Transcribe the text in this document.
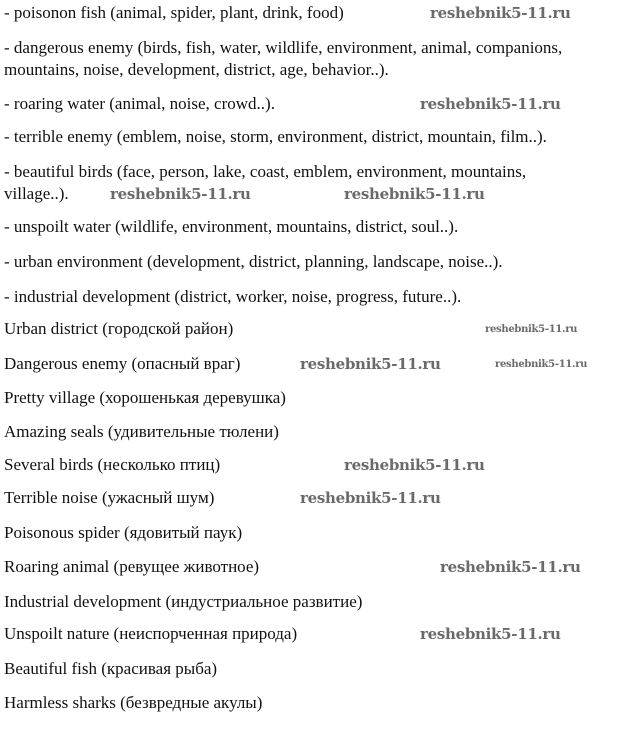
- poisonon fish (animal, spider, plant, drink, food)
- dangerous enemy (birds, fish, water, wildlife, environment, animal, companions,
mountains, noise, development, district, age, behavior..).
- roaring water (animal, noise, crowd..).
- terrible enemy (emblem, noise, storm, environment, district, mountain, film..).
- beautiful birds (face, person, lake, coast, emblem, environment, mountains,
village..).
- unspoilt water (wildlife, environment, mountains, district, soul..).
- urban environment (development, district, planning, landscape, noise..).
- industrial development (district, worker, noise, progress, future..).
Urban district (городской район)
Dangerous enemy (опасный враг)
Pretty village (хорошенькая деревушка)
Amazing seals (удивительные тюлени)
Several birds (несколько птиц)
Terrible noise (ужасный шум)
Poisonous spider (ядовитый паук)
Roaring animal (ревущее животное)
Industrial development (индустриальное развитие)
Unspoilt nature (неиспорченная природа)
Beautiful fish (красивая рыба)
Harmless sharks (безвредные акулы)
reshebnik5-11.ru
reshebnik5-11.ru
reshebnik5-11.ru	reshebnik5-11.ru
reshebnik5-11.ru
reshebnik5-11.ru	reshebnik5-11.ru
reshebnik5-11.ru
reshebnik5-11.ru
reshebnik5-11.ru
reshebnik5-11.ru
